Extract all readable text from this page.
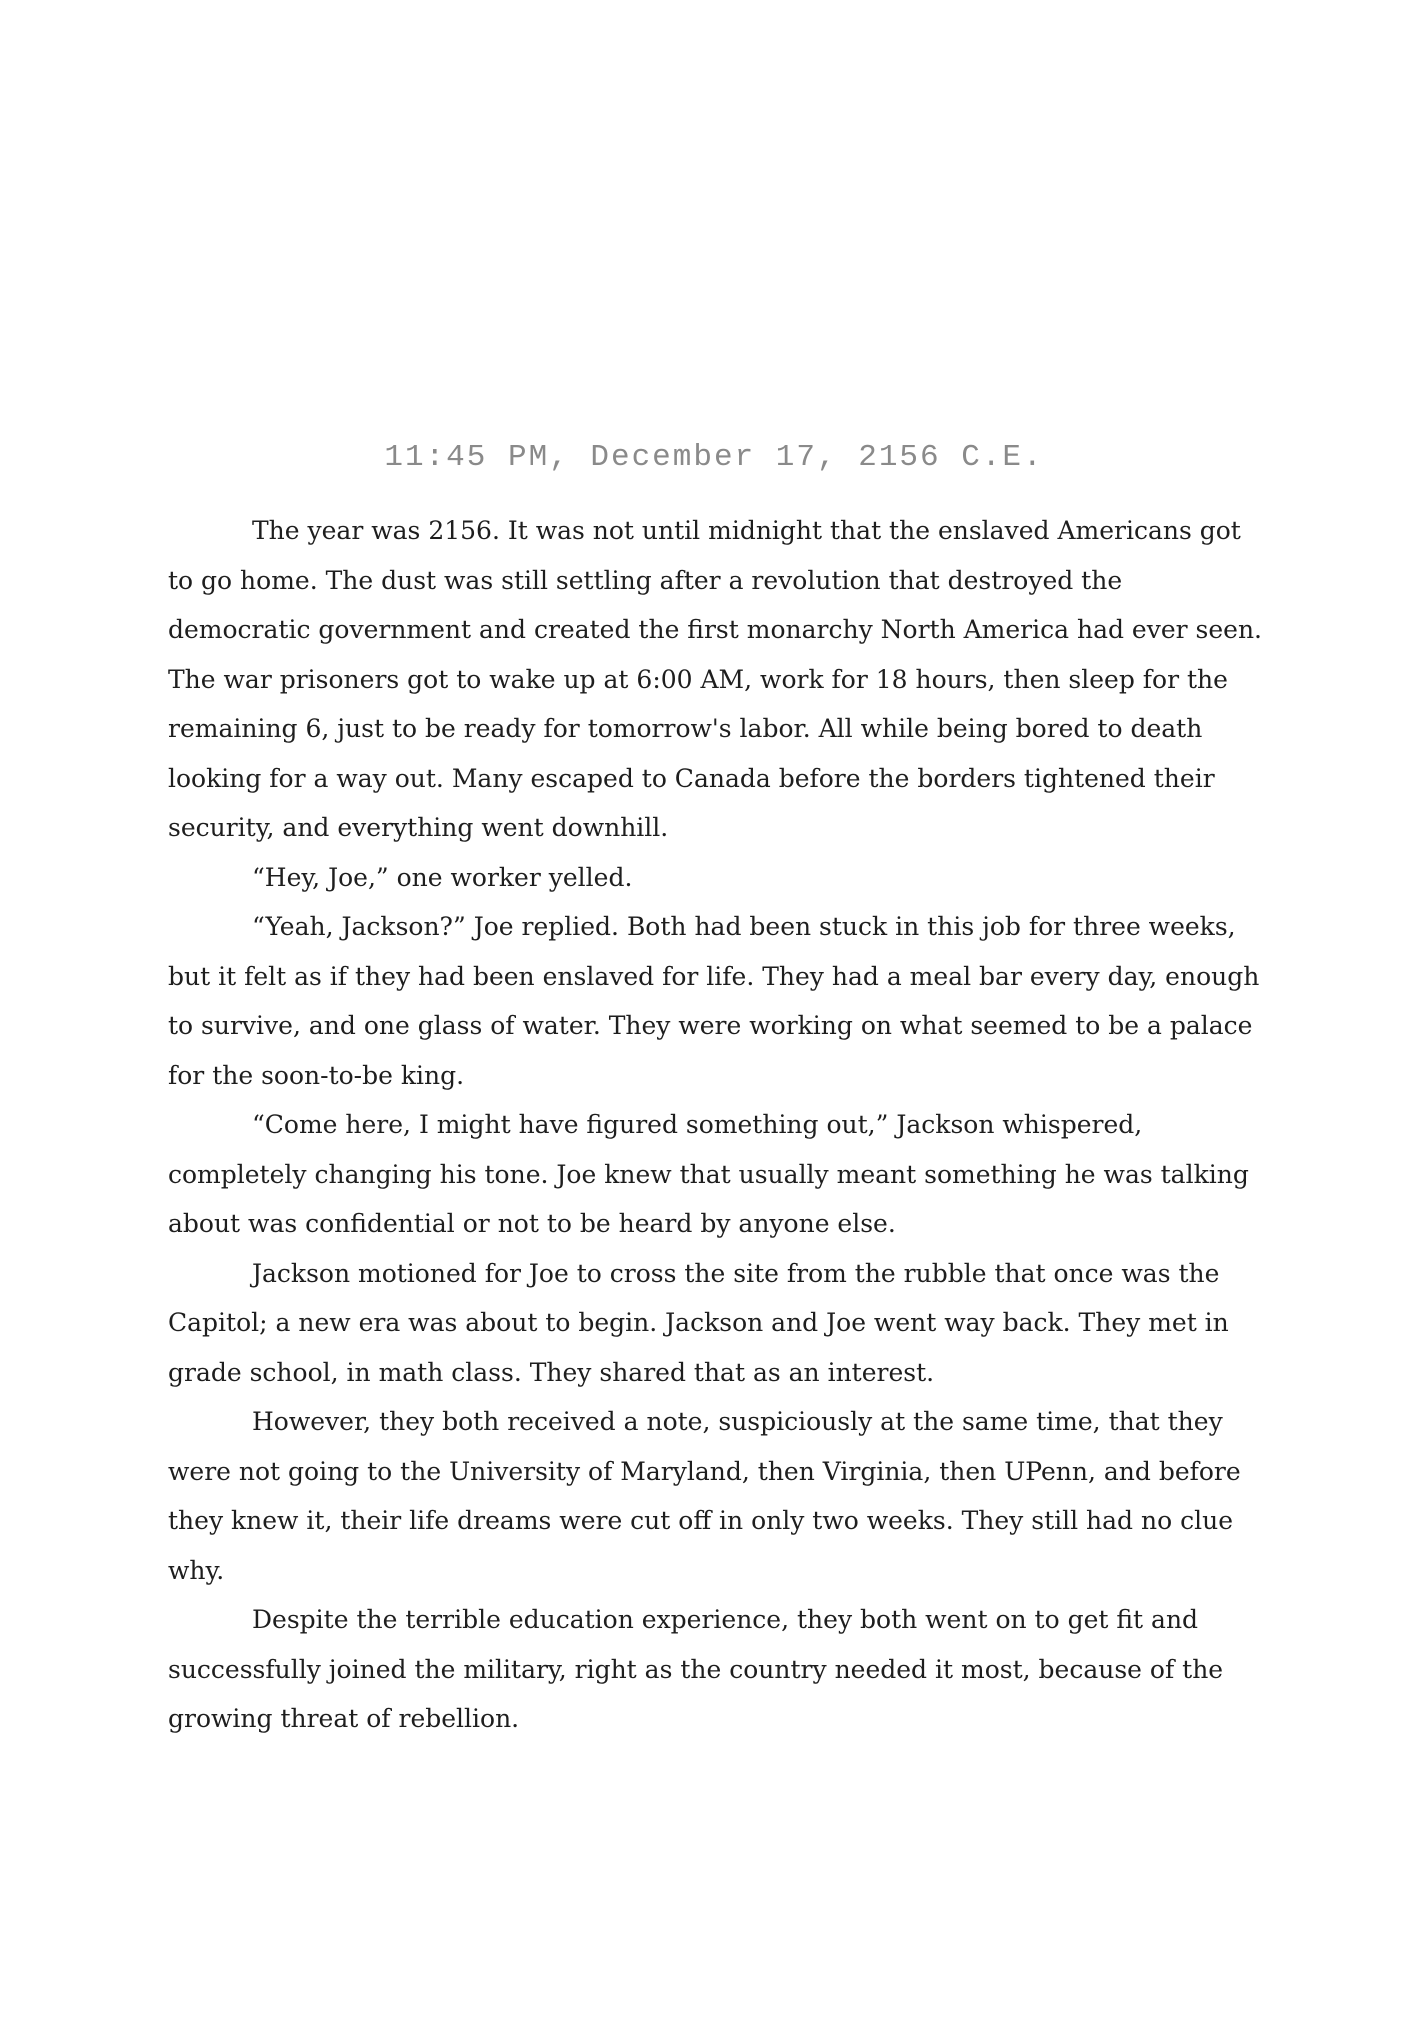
11:45 PM, December 17, 2156 C.E.

The year was 2156. It was not until midnight that the enslaved Americans got to go home. The dust was still settling after a revolution that destroyed the democratic government and created the first monarchy North America had ever seen. The war prisoners got to wake up at 6:00 AM, work for 18 hours, then sleep for the remaining 6, just to be ready for tomorrow's labor. All while being bored to death looking for a way out. Many escaped to Canada before the borders tightened their security, and everything went downhill.

“Hey, Joe,” one worker yelled.

“Yeah, Jackson?” Joe replied. Both had been stuck in this job for three weeks, but it felt as if they had been enslaved for life. They had a meal bar every day, enough to survive, and one glass of water. They were working on what seemed to be a palace for the soon-to-be king.

“Come here, I might have figured something out,” Jackson whispered, completely changing his tone. Joe knew that usually meant something he was talking about was confidential or not to be heard by anyone else.

Jackson motioned for Joe to cross the site from the rubble that once was the Capitol; a new era was about to begin. Jackson and Joe went way back. They met in grade school, in math class. They shared that as an interest.

However, they both received a note, suspiciously at the same time, that they were not going to the University of Maryland, then Virginia, then UPenn, and before they knew it, their life dreams were cut off in only two weeks. They still had no clue why.

Despite the terrible education experience, they both went on to get fit and successfully joined the military, right as the country needed it most, because of the growing threat of rebellion.
